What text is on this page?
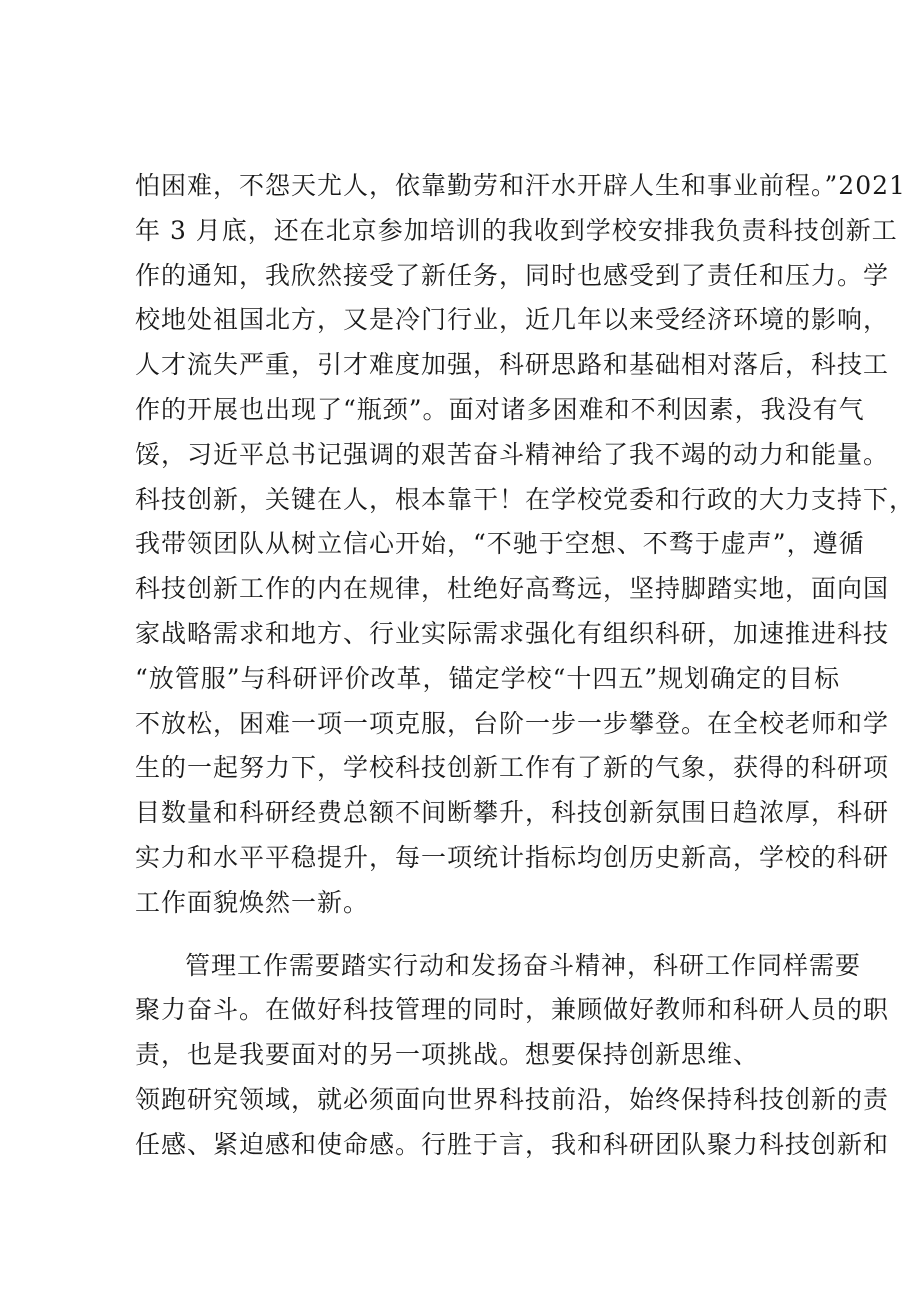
怕困难，不怨天尤人，依靠勤劳和汗水开辟人生和事业前程。”2021
年 3 月底，还在北京参加培训的我收到学校安排我负责科技创新工
作的通知，我欣然接受了新任务，同时也感受到了责任和压力。学
校地处祖国北方，又是冷门行业，近几年以来受经济环境的影响，
人才流失严重，引才难度加强，科研思路和基础相对落后，科技工
作的开展也出现了“瓶颈”。面对诸多困难和不利因素，我没有气
馁，习近平总书记强调的艰苦奋斗精神给了我不竭的动力和能量。
科技创新，关键在人，根本靠干！在学校党委和行政的大力支持下，
我带领团队从树立信心开始，“不驰于空想、不骛于虚声”，遵循
科技创新工作的内在规律，杜绝好高骛远，坚持脚踏实地，面向国
家战略需求和地方、行业实际需求强化有组织科研，加速推进科技
“放管服”与科研评价改革，锚定学校“十四五”规划确定的目标
不放松，困难一项一项克服，台阶一步一步攀登。在全校老师和学
生的一起努力下，学校科技创新工作有了新的气象，获得的科研项
目数量和科研经费总额不间断攀升，科技创新氛围日趋浓厚，科研
实力和水平平稳提升，每一项统计指标均创历史新高，学校的科研
工作面貌焕然一新。
管理工作需要踏实行动和发扬奋斗精神，科研工作同样需要
聚力奋斗。在做好科技管理的同时，兼顾做好教师和科研人员的职
责，也是我要面对的另一项挑战。想要保持创新思维、
领跑研究领域，就必须面向世界科技前沿，始终保持科技创新的责
任感、紧迫感和使命感。行胜于言，我和科研团队聚力科技创新和
